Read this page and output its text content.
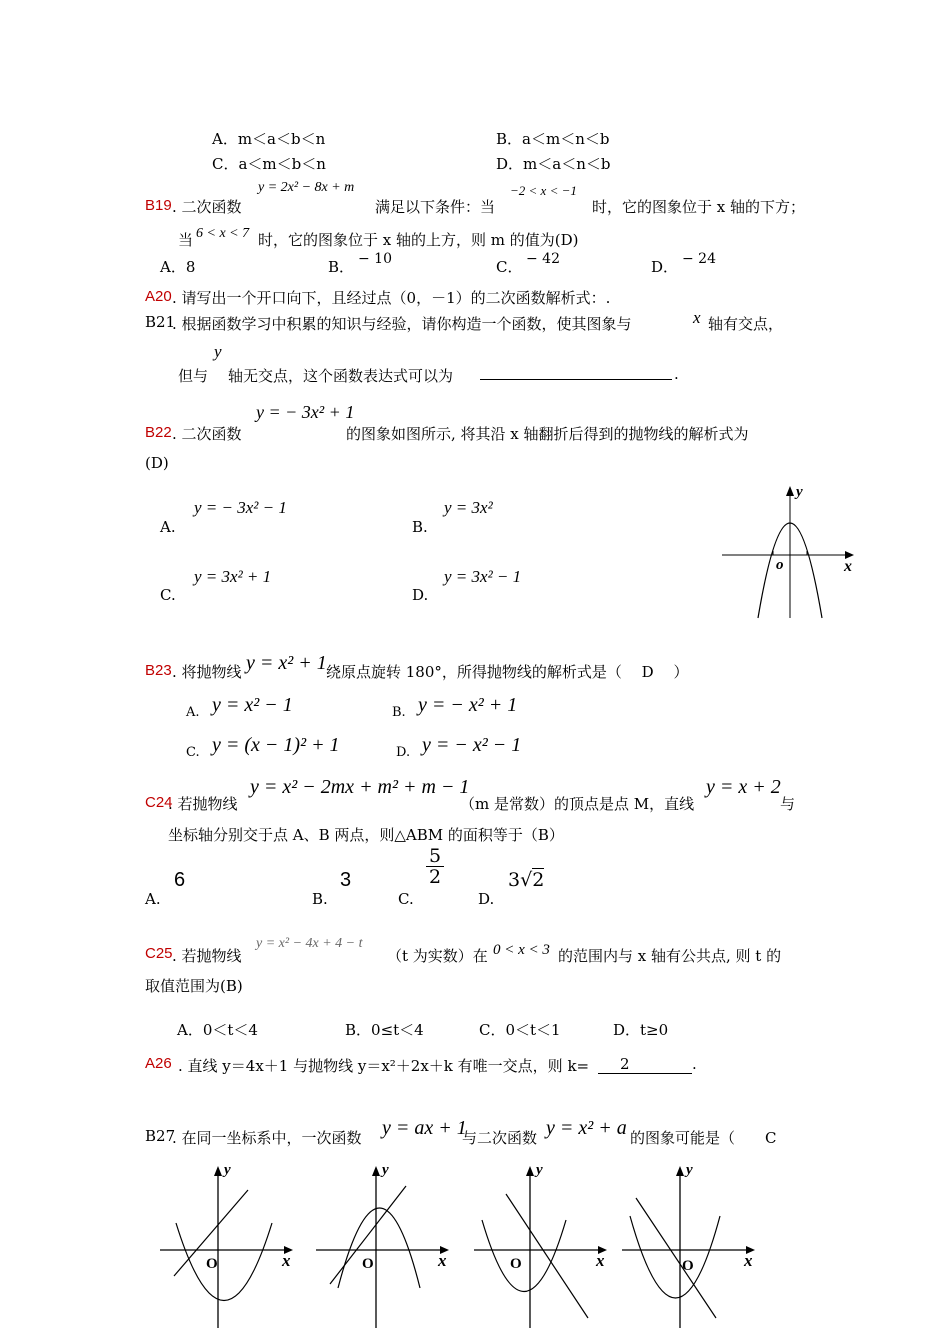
A．m＜a＜b＜n	B．a＜m＜n＜b
C．a＜m＜b＜n	D．m＜a＜n＜b
B19 . 二次函数
y = 2x² − 8x + m
满足以下条件：当
−2 < x < −1
时，它的图象位于 x 轴的下方；
当 6 < x < 7 时，它的图象位于 x 轴的上方，则 m 的值为(D)
A．8	B． − 10	C． − 42	D． − 24
A20 . 请写出一个开口向下，且经过点（0，－1）的二次函数解析式：.
B21
. 根据函数学习中积累的知识与经验，请你构造一个函数，使其图象与	x 轴有交点，
但与
y
轴无交点，这个函数表达式可以为	.
B22 . 二次函数
y = − 3x² + 1
的图象如图所示, 将其沿 x 轴翻折后得到的抛物线的解析式为
(D)
A.
y = − 3x² − 1
B.
y = 3x²
C.
y = 3x² + 1
D.
y = 3x² − 1
y
x
o
B23 . 将抛物线 y = x² + 1 绕原点旋转 180°，所得抛物线的解析式是（　 D　 ）
A. y = x² − 1	B. y = − x² + 1
C. y = (x − 1)² + 1	D. y = − x² − 1
C24
. 若抛物线
y = x² − 2mx + m² + m − 1
（m 是常数）的顶点是点 M，直线
y = x + 2
与
坐标轴分别交于点 A、B 两点，则△ABM 的面积等于（B）
A.
6
B.
3
C.
$\frac{5}{2}$
D.
3√2
C25 . 若抛物线
y = x² − 4x + 4 − t
（t 为实数）在 0 < x < 3 的范围内与 x 轴有公共点, 则 t 的
取值范围为(B)
A．0＜t＜4	B．0≤t＜4	C．0＜t＜1	D．t≥0
A26 . 直线 y＝4x＋1 与抛物线 y＝x²＋2x＋k 有唯一交点，则 k=	2	.
B27
. 在同一坐标系中，一次函数 y = ax + 1
与二次函数 y = x² + a 的图象可能是（　　C
y
x
O
y
x
O
y
x
O
y
x
O
